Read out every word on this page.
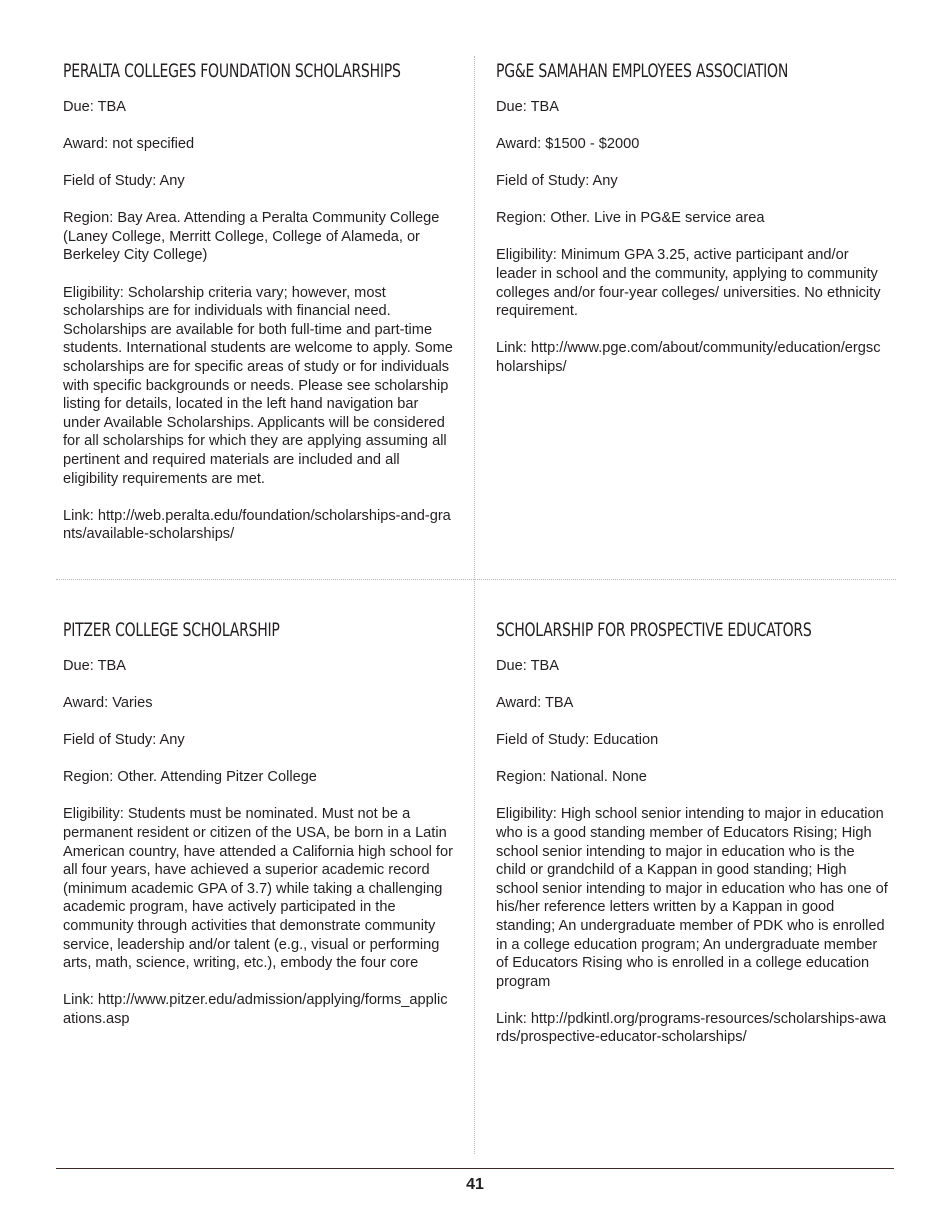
PERALTA COLLEGES FOUNDATION SCHOLARSHIPS

Due: TBA

Award: not specified

Field of Study: Any

Region: Bay Area. Attending a Peralta Community College (Laney College, Merritt College, College of Alameda, or Berkeley City College)

Eligibility: Scholarship criteria vary; however, most scholarships are for individuals with financial need. Scholarships are available for both full-time and part-time students. International students are welcome to apply. Some scholarships are for specific areas of study or for individuals with specific backgrounds or needs. Please see scholarship listing for details, located in the left hand navigation bar under Available Scholarships. Applicants will be considered for all scholarships for which they are applying assuming all pertinent and required materials are included and all eligibility requirements are met.

Link: http://web.peralta.edu/foundation/scholarships-and-grants/available-scholarships/

PG&E SAMAHAN EMPLOYEES ASSOCIATION

Due: TBA

Award: $1500 - $2000

Field of Study: Any

Region: Other. Live in PG&E service area

Eligibility: Minimum GPA 3.25, active participant and/or leader in school and the community, applying to community colleges and/or four-year colleges/ universities. No ethnicity requirement.

Link: http://www.pge.com/about/community/education/ergscholarships/

PITZER COLLEGE SCHOLARSHIP

Due: TBA

Award: Varies

Field of Study: Any

Region: Other. Attending Pitzer College

Eligibility: Students must be nominated. Must not be a permanent resident or citizen of the USA, be born in a Latin American country, have attended a California high school for all four years, have achieved a superior academic record (minimum academic GPA of 3.7) while taking a challenging academic program, have actively participated in the community through activities that demonstrate community service, leadership and/or talent (e.g., visual or performing arts, math, science, writing, etc.), embody the four core

Link: http://www.pitzer.edu/admission/applying/forms_applications.asp

SCHOLARSHIP FOR PROSPECTIVE EDUCATORS

Due: TBA

Award: TBA

Field of Study: Education

Region: National. None

Eligibility: High school senior intending to major in education who is a good standing member of Educators Rising; High school senior intending to major in education who is the child or grandchild of a Kappan in good standing; High school senior intending to major in education who has one of his/her reference letters written by a Kappan in good standing; An undergraduate member of PDK who is enrolled in a college education program; An undergraduate member of Educators Rising who is enrolled in a college education program

Link: http://pdkintl.org/programs-resources/scholarships-awards/prospective-educator-scholarships/

41
